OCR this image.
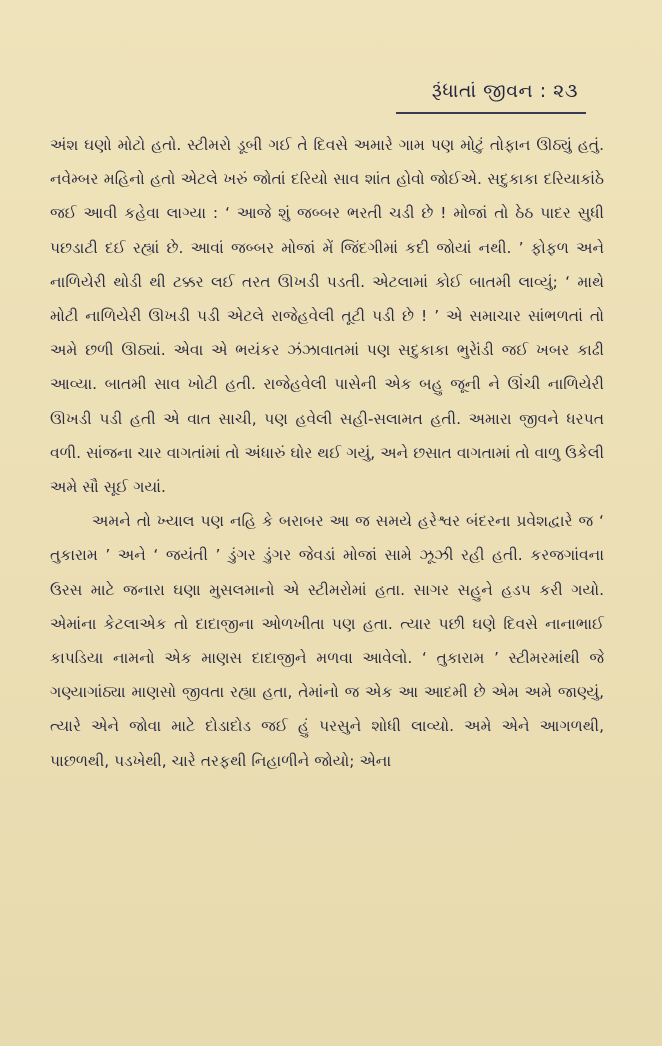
રૂંધાતાં જીવન : ૨૩

અંશ ઘણો મોટો હતો. સ્ટીમરો ડૂબી ગઈ તે દિવસે અમારે ગામ પણ મોટું તોફાન ઊઠ્યું હતું. નવેમ્બર મહિનો હતો એટલે ખરું જોતાં દરિયો સાવ શાંત હોવો જોઈએ. સદુકાકા દરિયાકાંઠે જઈ આવી કહેવા લાગ્યા : ‘ આજે શું જબ્બર ભરતી ચડી છે ! મોજાં તો ઠેઠ પાદર સુધી પછડાટી દઈ રહ્યાં છે. આવાં જબ્બર મોજાં મેં જિંદગીમાં કદી જોયાં નથી. ’ ફોફળ અને નાળિયેરી થોડી થી ટક્કર લઈ તરત ઊખડી પડતી. એટલામાં કોઈ બાતમી લાવ્યું; ‘ માથે મોટી નાળિયેરી ઊખડી પડી એટલે રાજેહવેલી તૂટી પડી છે ! ’ એ સમાચાર સાંભળતાં તો અમે છળી ઊઠ્યાં. એવા એ ભયંકર ઝંઝાવાતમાં પણ સદુકાકા ભુરેાંડી જઈ ખબર કાઢી આવ્યા. બાતમી સાવ ખોટી હતી. રાજેહવેલી પાસેની એક બહુ જૂની ને ઊંચી નાળિયેરી ઊખડી પડી હતી એ વાત સાચી, પણ હવેલી સહી-સલામત હતી. અમારા જીવને ધરપત વળી. સાંજના ચાર વાગતાંમાં તો અંધારું ઘોર થઈ ગયું, અને છસાત વાગતામાં તો વાળુ ઉકેલી અમે સૌ સૂઈ ગયાં.

અમને તો ખ્યાલ પણ નહિ કે બરાબર આ જ સમયે હરેશ્વર બંદરના પ્રવેશદ્વારે જ ‘ તુકારામ ’ અને ‘ જયંતી ’ ડુંગર ડુંગર જેવડાં મોજાં સામે ઝૂઝી રહી હતી. કરજગાંવના ઉરસ માટે જનારા ઘણા મુસલમાનો એ સ્ટીમરોમાં હતા. સાગર સહુને હડપ કરી ગયો. એમાંના કેટલાએક તો દાદાજીના ઓળખીતા પણ હતા. ત્યાર પછી ઘણે દિવસે નાનાભાઈ કાપડિયા નામનો એક માણસ દાદાજીને મળવા આવેલો. ‘ તુકારામ ’ સ્ટીમરમાંથી જે ગણ્યાગાંઠ્યા માણસો જીવતા રહ્યા હતા, તેમાંનો જ એક આ આદમી છે એમ અમે જાણ્યું, ત્યારે એને જોવા માટે દોડાદોડ જઈ હું પરસુને શોધી લાવ્યો. અમે એને આગળથી, પાછળથી, પડખેથી, ચારે તરફથી નિહાળીને જોયો; એના
